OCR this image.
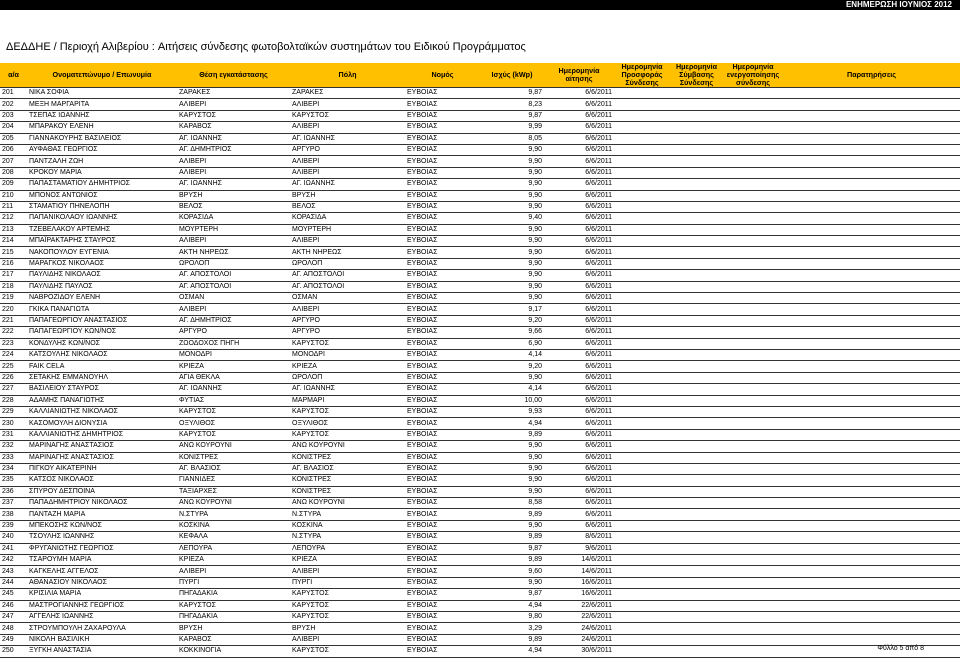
ΕΝΗΜΕΡΩΣΗ ΙΟΥΝΙΟΣ 2012
ΔΕΔΔΗΕ / Περιοχή Αλιβερίου : Αιτήσεις σύνδεσης φωτοβολταϊκών συστημάτων του Ειδικού Προγράμματος
α/α	Ονοματεπώνυμο / Επωνυμία	Θέση εγκατάστασης	Πόλη	Νομός	Ισχύς (kWp)	Ημερομηνία αίτησης	Ημερομηνία Προσφοράς Σύνδεσης	Ημερομηνία Σύμβασης Σύνδεσης	Ημερομηνία ενεργοποίησης σύνδεσης	Παρατηρήσεις
201	ΝΙΚΑ ΣΟΦΙΑ	ΖΑΡΑΚΕΣ	ΖΑΡΑΚΕΣ	ΕΥΒΟΙΑΣ	9,87	6/6/2011				
202	ΜΕΞΗ ΜΑΡΓΑΡΙΤΑ	ΑΛΙΒΕΡΙ	ΑΛΙΒΕΡΙ	ΕΥΒΟΙΑΣ	8,23	6/6/2011				
203	ΤΣΕΠΑΣ ΙΩΑΝΝΗΣ	ΚΑΡΥΣΤΟΣ	ΚΑΡΥΣΤΟΣ	ΕΥΒΟΙΑΣ	9,87	6/6/2011				
204	ΜΠΑΡΑΚΟΥ ΕΛΕΝΗ	ΚΑΡΑΒΟΣ	ΑΛΙΒΕΡΙ	ΕΥΒΟΙΑΣ	9,99	6/6/2011				
205	ΓΙΑΝΝΑΚΟΥΡΗΣ ΒΑΣΙΛΕΙΟΣ	ΑΓ. ΙΩΑΝΝΗΣ	ΑΓ. ΙΩΑΝΝΗΣ	ΕΥΒΟΙΑΣ	8,05	6/6/2011				
206	ΑΥΦΑΘΑΣ ΓΕΩΡΓΙΟΣ	ΑΓ. ΔΗΜΗΤΡΙΟΣ	ΑΡΓΥΡΟ	ΕΥΒΟΙΑΣ	9,90	6/6/2011				
207	ΠΑΝΤΖΑΛΗ ΖΩΗ	ΑΛΙΒΕΡΙ	ΑΛΙΒΕΡΙ	ΕΥΒΟΙΑΣ	9,90	6/6/2011				
208	ΚΡΟΚΟΥ ΜΑΡΙΑ	ΑΛΙΒΕΡΙ	ΑΛΙΒΕΡΙ	ΕΥΒΟΙΑΣ	9,90	6/6/2011				
209	ΠΑΠΑΣΤΑΜΑΤΙΟΥ ΔΗΜΗΤΡΙΟΣ	ΑΓ. ΙΩΑΝΝΗΣ	ΑΓ. ΙΩΑΝΝΗΣ	ΕΥΒΟΙΑΣ	9,90	6/6/2011				
210	ΜΠΟΝΟΣ ΑΝΤΩΝΙΟΣ	ΒΡΥΣΗ	ΒΡΥΣΗ	ΕΥΒΟΙΑΣ	9,90	6/6/2011				
211	ΣΤΑΜΑΤΙΟΥ ΠΗΝΕΛΟΠΗ	ΒΕΛΟΣ	ΒΕΛΟΣ	ΕΥΒΟΙΑΣ	9,90	6/6/2011				
212	ΠΑΠΑΝΙΚΟΛΑΟΥ ΙΩΑΝΝΗΣ	ΚΟΡΑΣΙΔΑ	ΚΟΡΑΣΙΔΑ	ΕΥΒΟΙΑΣ	9,40	6/6/2011				
213	ΤΖΕΒΕΛΑΚΟΥ ΑΡΤΕΜΗΣ	ΜΟΥΡΤΕΡΗ	ΜΟΥΡΤΕΡΗ	ΕΥΒΟΙΑΣ	9,90	6/6/2011				
214	ΜΠΑΪΡΑΚΤΑΡΗΣ ΣΤΑΥΡΟΣ	ΑΛΙΒΕΡΙ	ΑΛΙΒΕΡΙ	ΕΥΒΟΙΑΣ	9,90	6/6/2011				
215	ΝΑΚΟΠΟΥΛΟΥ ΕΥΓΕΝΙΑ	ΑΚΤΗ ΝΗΡΕΩΣ	ΑΚΤΗ ΝΗΡΕΩΣ	ΕΥΒΟΙΑΣ	9,90	6/6/2011				
216	ΜΑΡΑΓΚΟΣ ΝΙΚΟΛΑΟΣ	ΩΡΟΛΟΠ	ΩΡΟΛΟΠ	ΕΥΒΟΙΑΣ	9,90	6/6/2011				
217	ΠΑΥΛΙΔΗΣ ΝΙΚΟΛΑΟΣ	ΑΓ. ΑΠΟΣΤΟΛΟΙ	ΑΓ. ΑΠΟΣΤΟΛΟΙ	ΕΥΒΟΙΑΣ	9,90	6/6/2011				
218	ΠΑΥΛΙΔΗΣ ΠΑΥΛΟΣ	ΑΓ. ΑΠΟΣΤΟΛΟΙ	ΑΓ. ΑΠΟΣΤΟΛΟΙ	ΕΥΒΟΙΑΣ	9,90	6/6/2011				
219	ΝΑΒΡΟΖΙΔΟΥ ΕΛΕΝΗ	ΟΣΜΑΝ	ΟΣΜΑΝ	ΕΥΒΟΙΑΣ	9,90	6/6/2011				
220	ΓΚΙΚΑ ΠΑΝΑΓΙΩΤΑ	ΑΛΙΒΕΡΙ	ΑΛΙΒΕΡΙ	ΕΥΒΟΙΑΣ	9,17	6/6/2011				
221	ΠΑΠΑΓΕΩΡΓΙΟΥ ΑΝΑΣΤΑΣΙΟΣ	ΑΓ. ΔΗΜΗΤΡΙΟΣ	ΑΡΓΥΡΟ	ΕΥΒΟΙΑΣ	9,20	6/6/2011				
222	ΠΑΠΑΓΕΩΡΓΙΟΥ ΚΩΝ/ΝΟΣ	ΑΡΓΥΡΟ	ΑΡΓΥΡΟ	ΕΥΒΟΙΑΣ	9,66	6/6/2011				
223	ΚΟΝΔΥΛΗΣ ΚΩΝ/ΝΟΣ	ΖΩΟΔΟΧΟΣ ΠΗΓΗ	ΚΑΡΥΣΤΟΣ	ΕΥΒΟΙΑΣ	6,90	6/6/2011				
224	ΚΑΤΣΟΥΛΗΣ ΝΙΚΟΛΑΟΣ	ΜΟΝΟΔΡΙ	ΜΟΝΟΔΡΙ	ΕΥΒΟΙΑΣ	4,14	6/6/2011				
225	FAIK CELA	ΚΡΙΕΖΑ	ΚΡΙΕΖΑ	ΕΥΒΟΙΑΣ	9,20	6/6/2011				
226	ΣΕΤΑΚΗΣ ΕΜΜΑΝΟΥΗΛ	ΑΓΙΑ ΘΕΚΛΑ	ΩΡΟΛΟΠ	ΕΥΒΟΙΑΣ	9,90	6/6/2011				
227	ΒΑΣΙΛΕΙΟΥ ΣΤΑΥΡΟΣ	ΑΓ. ΙΩΑΝΝΗΣ	ΑΓ. ΙΩΑΝΝΗΣ	ΕΥΒΟΙΑΣ	4,14	6/6/2011				
228	ΑΔΑΜΗΣ ΠΑΝΑΓΙΩΤΗΣ	ΦΥΤΙΑΣ	ΜΑΡΜΑΡΙ	ΕΥΒΟΙΑΣ	10,00	6/6/2011				
229	ΚΑΛΛΙΑΝΙΩΤΗΣ ΝΙΚΟΛΑΟΣ	ΚΑΡΥΣΤΟΣ	ΚΑΡΥΣΤΟΣ	ΕΥΒΟΙΑΣ	9,93	6/6/2011				
230	ΚΑΣΟΜΟΥΛΗ ΔΙΟΝΥΣΙΑ	ΟΞΥΛΙΘΟΣ	ΟΞΥΛΙΘΟΣ	ΕΥΒΟΙΑΣ	4,94	6/6/2011				
231	ΚΑΛΛΙΑΝΙΩΤΗΣ ΔΗΜΗΤΡΙΟΣ	ΚΑΡΥΣΤΟΣ	ΚΑΡΥΣΤΟΣ	ΕΥΒΟΙΑΣ	9,89	6/6/2011				
232	ΜΑΡΙΝΑΓΗΣ ΑΝΑΣΤΑΣΙΟΣ	ΑΝΩ ΚΟΥΡΟΥΝΙ	ΑΝΩ ΚΟΥΡΟΥΝΙ	ΕΥΒΟΙΑΣ	9,90	6/6/2011				
233	ΜΑΡΙΝΑΓΗΣ ΑΝΑΣΤΑΣΙΟΣ	ΚΟΝΙΣΤΡΕΣ	ΚΟΝΙΣΤΡΕΣ	ΕΥΒΟΙΑΣ	9,90	6/6/2011				
234	ΠΙΓΚΟΥ ΑΙΚΑΤΕΡΙΝΗ	ΑΓ. ΒΛΑΣΙΟΣ	ΑΓ. ΒΛΑΣΙΟΣ	ΕΥΒΟΙΑΣ	9,90	6/6/2011				
235	ΚΑΤΣΟΣ ΝΙΚΟΛΑΟΣ	ΓΙΑΝΝΙΔΕΣ	ΚΟΝΙΣΤΡΕΣ	ΕΥΒΟΙΑΣ	9,90	6/6/2011				
236	ΣΠΥΡΟΥ ΔΕΣΠΟΙΝΑ	ΤΑΞΙΑΡΧΕΣ	ΚΟΝΙΣΤΡΕΣ	ΕΥΒΟΙΑΣ	9,90	6/6/2011				
237	ΠΑΠΑΔΗΜΗΤΡΙΟΥ ΝΙΚΟΛΑΟΣ	ΑΝΩ ΚΟΥΡΟΥΝΙ	ΑΝΩ ΚΟΥΡΟΥΝΙ	ΕΥΒΟΙΑΣ	8,58	6/6/2011				
238	ΠΑΝΤΑΖΗ ΜΑΡΙΑ	Ν.ΣΤΥΡΑ	Ν.ΣΤΥΡΑ	ΕΥΒΟΙΑΣ	9,89	6/6/2011				
239	ΜΠΕΚΟΣΗΣ ΚΩΝ/ΝΟΣ	ΚΟΣΚΙΝΑ	ΚΟΣΚΙΝΑ	ΕΥΒΟΙΑΣ	9,90	6/6/2011				
240	ΤΣΟΥΛΗΣ ΙΩΑΝΝΗΣ	ΚΕΦΑΛΑ	Ν.ΣΤΥΡΑ	ΕΥΒΟΙΑΣ	9,89	8/6/2011				
241	ΦΡΥΓΑΝΙΩΤΗΣ ΓΕΩΡΓΙΟΣ	ΛΕΠΟΥΡΑ	ΛΕΠΟΥΡΑ	ΕΥΒΟΙΑΣ	9,87	9/6/2011				
242	ΤΣΑΡΟΥΜΗ ΜΑΡΙΑ	ΚΡΙΕΖΑ	ΚΡΙΕΖΑ	ΕΥΒΟΙΑΣ	9,89	14/6/2011				
243	ΚΑΓΚΕΛΗΣ ΑΓΓΕΛΟΣ	ΑΛΙΒΕΡΙ	ΑΛΙΒΕΡΙ	ΕΥΒΟΙΑΣ	9,60	14/6/2011				
244	ΑΘΑΝΑΣΙΟΥ ΝΙΚΟΛΑΟΣ	ΠΥΡΓΙ	ΠΥΡΓΙ	ΕΥΒΟΙΑΣ	9,90	16/6/2011				
245	ΚΡΙΣΙΛΙΑ ΜΑΡΙΑ	ΠΗΓΑΔΑΚΙΑ	ΚΑΡΥΣΤΟΣ	ΕΥΒΟΙΑΣ	9,87	16/6/2011				
246	ΜΑΣΤΡΟΓΙΑΝΝΗΣ ΓΕΩΡΓΙΟΣ	ΚΑΡΥΣΤΟΣ	ΚΑΡΥΣΤΟΣ	ΕΥΒΟΙΑΣ	4,94	22/6/2011				
247	ΑΓΓΕΛΗΣ ΙΩΑΝΝΗΣ	ΠΗΓΑΔΑΚΙΑ	ΚΑΡΥΣΤΟΣ	ΕΥΒΟΙΑΣ	9,80	22/6/2011				
248	ΣΤΡΟΥΜΠΟΥΛΗ ΖΑΧΑΡΟΥΛΑ	ΒΡΥΣΗ	ΒΡΥΣΗ	ΕΥΒΟΙΑΣ	3,29	24/6/2011				
249	ΝΙΚΟΛΗ ΒΑΣΙΛΙΚΗ	ΚΑΡΑΒΟΣ	ΑΛΙΒΕΡΙ	ΕΥΒΟΙΑΣ	9,89	24/6/2011				
250	ΞΥΓΚΗ ΑΝΑΣΤΑΣΙΑ	ΚΟΚΚΙΝΟΓΙΑ	ΚΑΡΥΣΤΟΣ	ΕΥΒΟΙΑΣ	4,94	30/6/2011					Φύλλο 5 από 8
